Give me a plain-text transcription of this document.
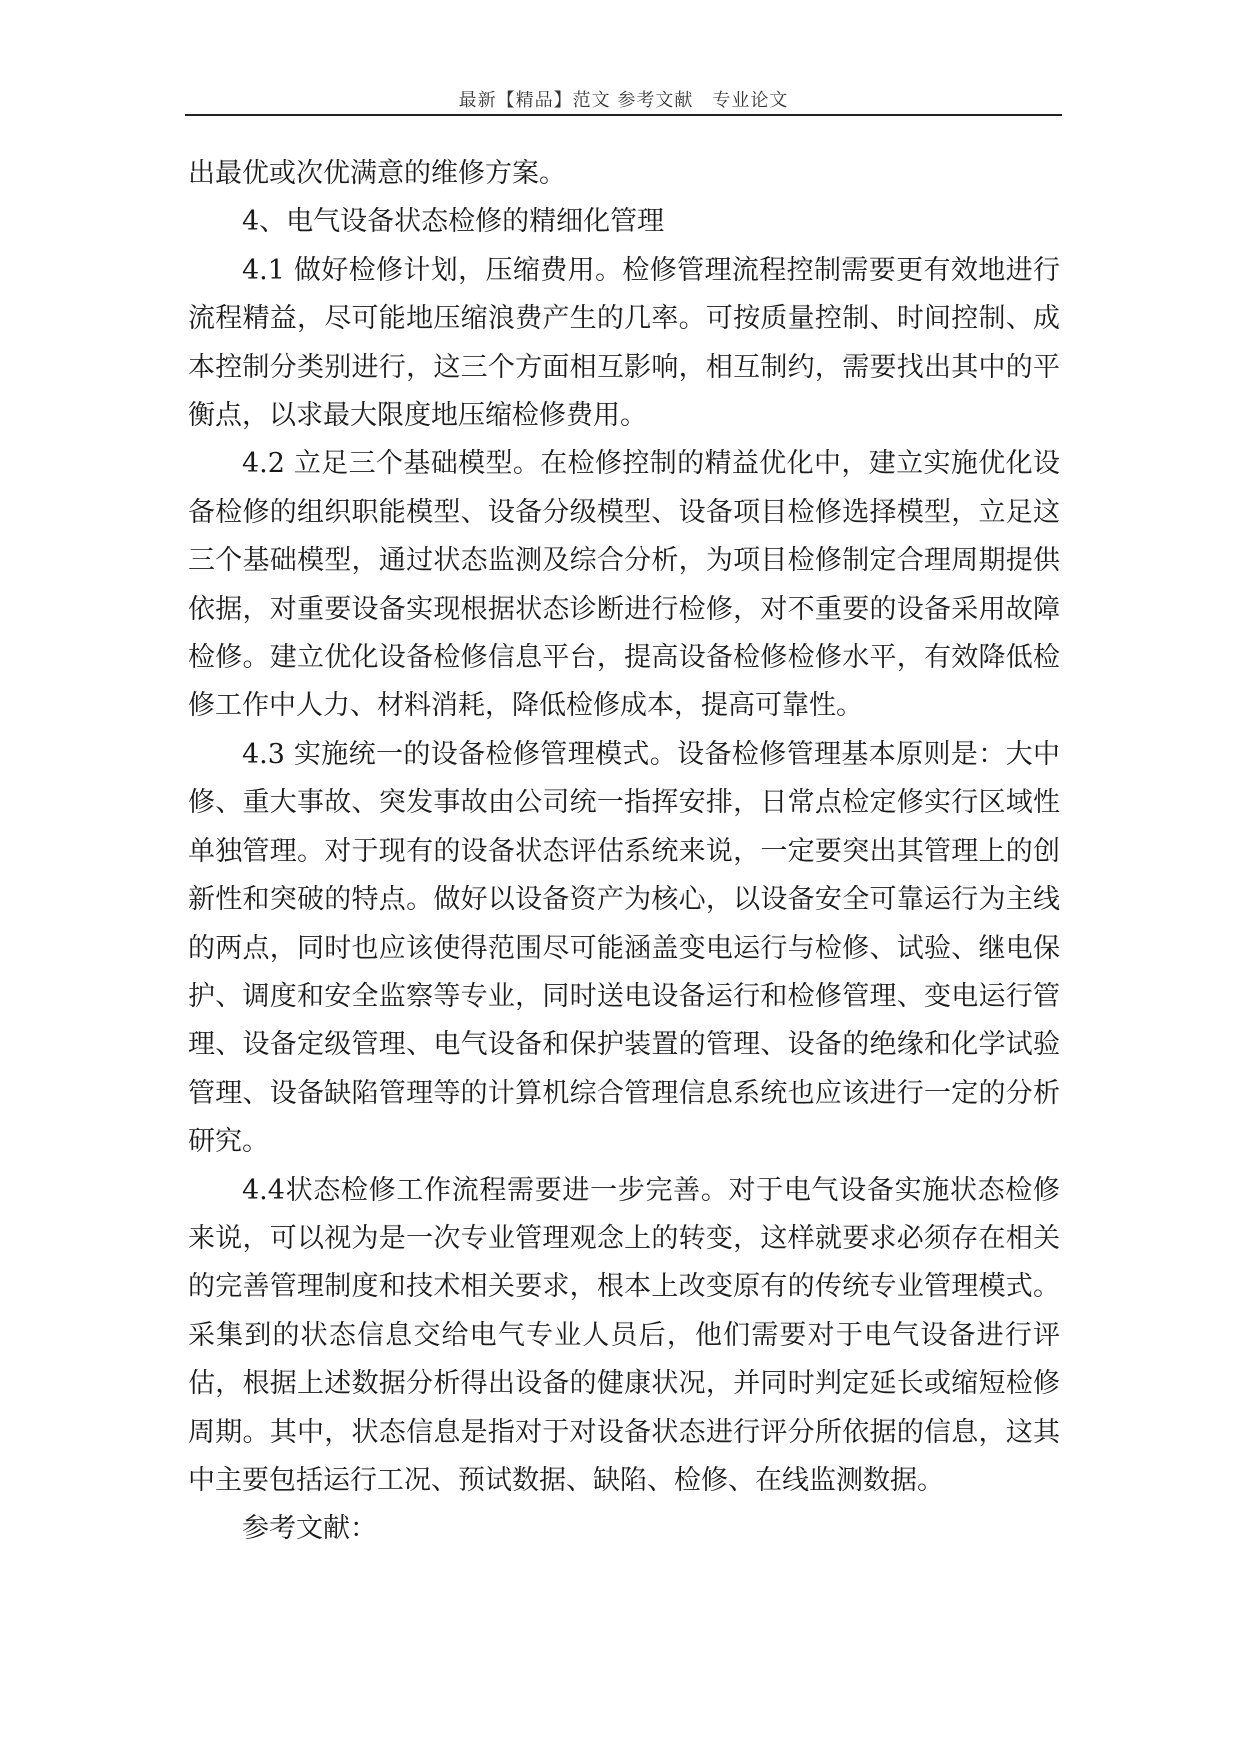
最新【精品】范文 参考文献　专业论文

出最优或次优满意的维修方案。

4、电气设备状态检修的精细化管理

4.1 做好检修计划，压缩费用。检修管理流程控制需要更有效地进行流程精益，尽可能地压缩浪费产生的几率。可按质量控制、时间控制、成本控制分类别进行，这三个方面相互影响，相互制约，需要找出其中的平衡点，以求最大限度地压缩检修费用。

4.2 立足三个基础模型。在检修控制的精益优化中，建立实施优化设备检修的组织职能模型、设备分级模型、设备项目检修选择模型，立足这三个基础模型，通过状态监测及综合分析，为项目检修制定合理周期提供依据，对重要设备实现根据状态诊断进行检修，对不重要的设备采用故障检修。建立优化设备检修信息平台，提高设备检修检修水平，有效降低检修工作中人力、材料消耗，降低检修成本，提高可靠性。

4.3 实施统一的设备检修管理模式。设备检修管理基本原则是：大中修、重大事故、突发事故由公司统一指挥安排，日常点检定修实行区域性单独管理。对于现有的设备状态评估系统来说，一定要突出其管理上的创新性和突破的特点。做好以设备资产为核心，以设备安全可靠运行为主线的两点，同时也应该使得范围尽可能涵盖变电运行与检修、试验、继电保护、调度和安全监察等专业，同时送电设备运行和检修管理、变电运行管理、设备定级管理、电气设备和保护装置的管理、设备的绝缘和化学试验管理、设备缺陷管理等的计算机综合管理信息系统也应该进行一定的分析研究。

4.4状态检修工作流程需要进一步完善。对于电气设备实施状态检修来说，可以视为是一次专业管理观念上的转变，这样就要求必须存在相关的完善管理制度和技术相关要求，根本上改变原有的传统专业管理模式。采集到的状态信息交给电气专业人员后，他们需要对于电气设备进行评估，根据上述数据分析得出设备的健康状况，并同时判定延长或缩短检修周期。其中，状态信息是指对于对设备状态进行评分所依据的信息，这其中主要包括运行工况、预试数据、缺陷、检修、在线监测数据。

参考文献：
